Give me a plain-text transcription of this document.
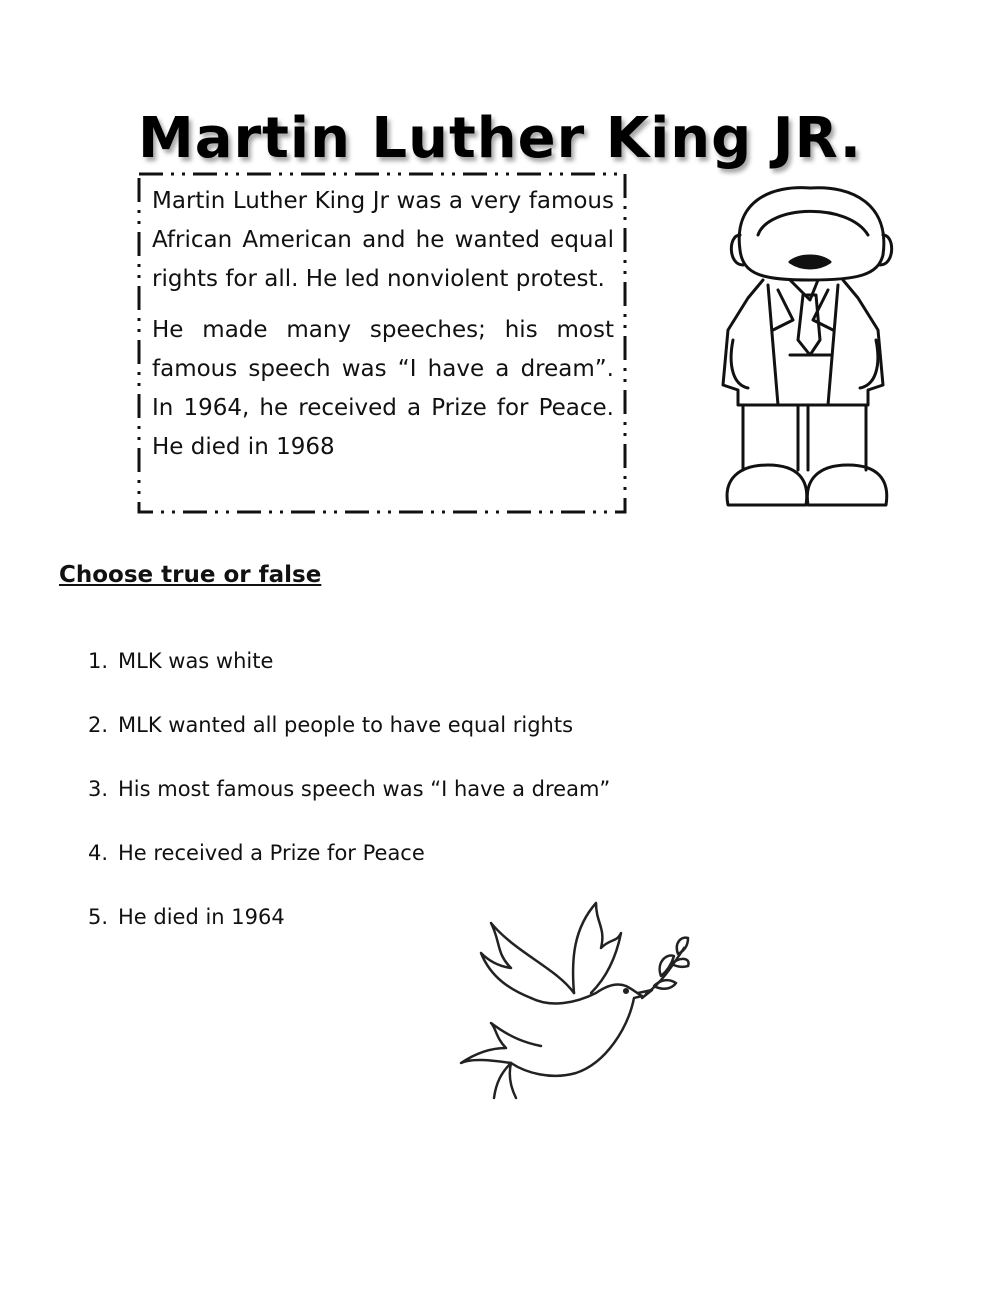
Martin Luther King JR.

Martin Luther King Jr was a very famous African American and he wanted equal rights for all. He led nonviolent protest.

He made many speeches; his most famous speech was “I have a dream”. In 1964, he received a Prize for Peace. He died in 1968

Choose true or false
1. MLK was white
2. MLK wanted all people to have equal rights
3. His most famous speech was “I have a dream”
4. He received a Prize for Peace
5. He died in 1964
